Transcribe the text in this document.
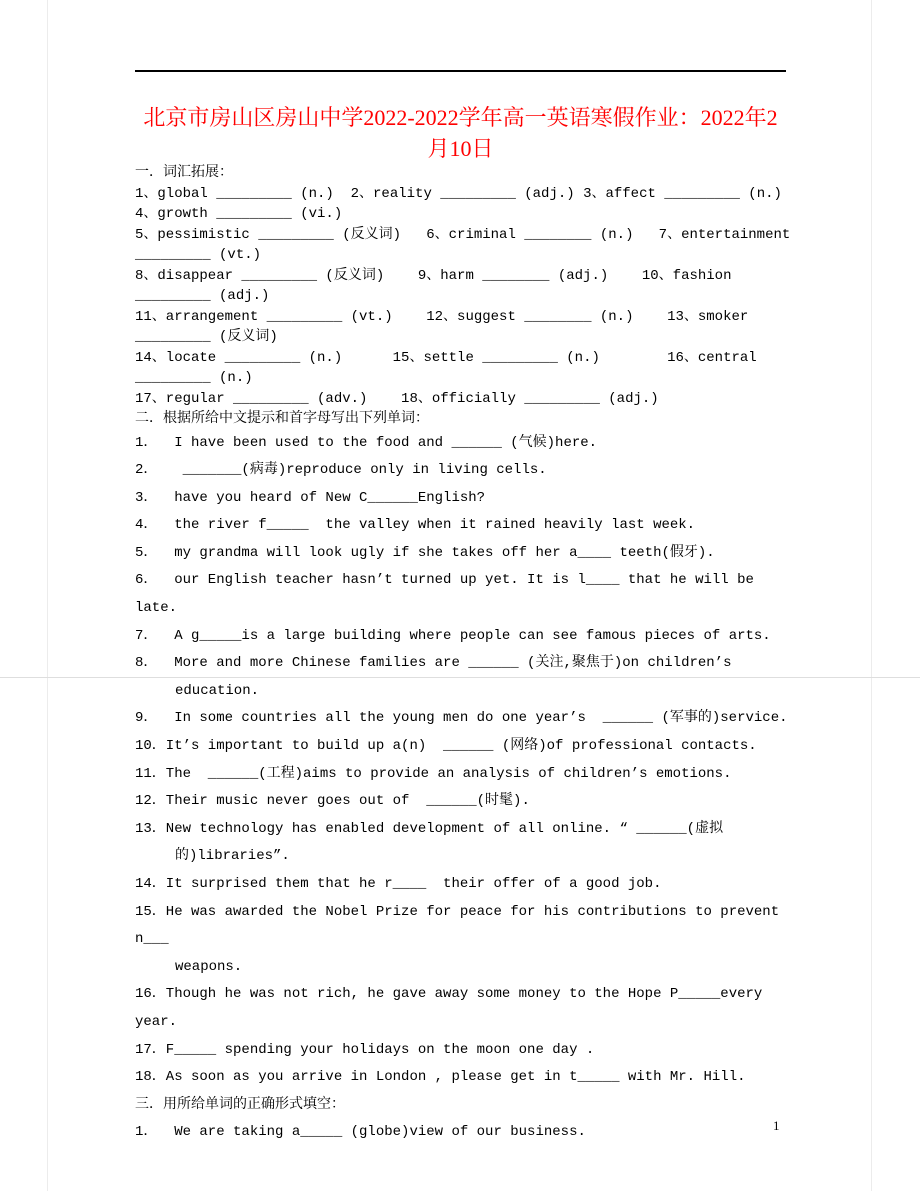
北京市房山区房山中学2022-2022学年高一英语寒假作业：2022年2月10日
一．词汇拓展：
1、global _________ (n.)  2、reality _________ (adj.) 3、affect _________ (n.)
4、growth _________ (vi.)
5、pessimistic _________ (反义词)   6、criminal ________ (n.)   7、entertainment
_________ (vt.)
8、disappear _________ (反义词)    9、harm ________ (adj.)    10、fashion
_________ (adj.)
11、arrangement _________ (vt.)    12、suggest ________ (n.)    13、smoker
_________ (反义词)
14、locate _________ (n.)      15、settle _________ (n.)        16、central
_________ (n.)
17、regular _________ (adv.)    18、officially _________ (adj.)
二．根据所给中文提示和首字母写出下列单词：
1．  I have been used to the food and ______ (气候)here.
2．   _______(病毒)reproduce only in living cells.
3．  have you heard of New C______English?
4．  the river f_____  the valley when it rained heavily last week.
5．  my grandma will look ugly if she takes off her a____ teeth(假牙).
6．  our English teacher hasn’t turned up yet. It is l____ that he will be late.
7．  A g_____is a large building where people can see famous pieces of arts.
8．  More and more Chinese families are ______ (关注,聚焦于)on children’s
education.
9．  In some countries all the young men do one year’s  ______ (军事的)service.
10．It’s important to build up a(n)  ______ (网络)of professional contacts.
11．The  ______(工程)aims to provide an analysis of children’s emotions.
12．Their music never goes out of  ______(时髦).
13．New technology has enabled development of all online. “ ______(虚拟
的)libraries”.
14．It surprised them that he r____  their offer of a good job.
15．He was awarded the Nobel Prize for peace for his contributions to prevent n___
weapons.
16．Though he was not rich, he gave away some money to the Hope P_____every year.
17．F_____ spending your holidays on the moon one day .
18．As soon as you arrive in London , please get in t_____ with Mr. Hill.
三．用所给单词的正确形式填空：
1．  We are taking a_____ (globe)view of our business.	1
